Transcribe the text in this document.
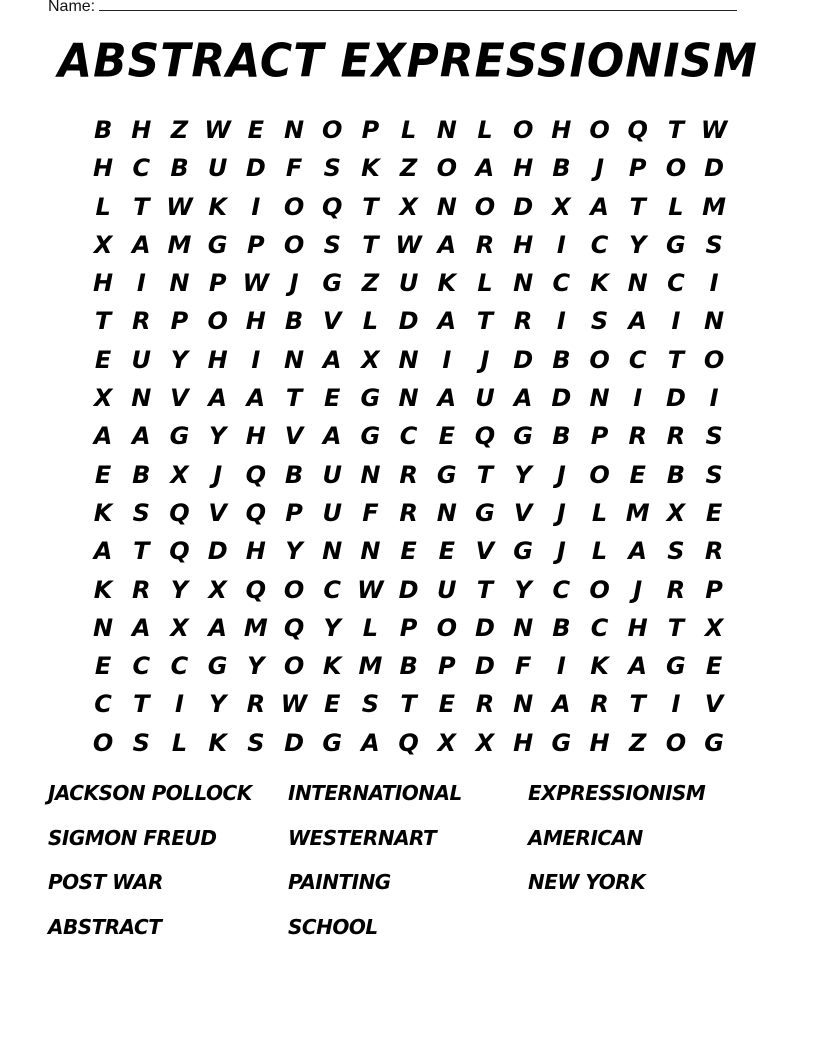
Name:
ABSTRACT EXPRESSIONISM
B H Z W E N O P L N L O H O Q T W
H C B U D F S K Z O A H B	J	P O D
L T W K	I O Q T X N O D X A T L M
X A M G P O S T W A R H I	C Y G S
H I N P W J G Z U K L N C K N C	I
T R P O H B V L D A T R	I	S A	I N
E U Y H I N A X N I	J D B O C T O
X N V A A T E G N A U A D N I D I
A A G Y H V A G C E Q G B P R R S
E B X	J Q B U N R G T Y	J O E B S
K S Q V Q P U F R N G V	J	L M X E
A T Q D H Y N N E E V G J	L A S R
K R Y X Q O C W D U T Y C O J	R P
N A X A M Q Y L P O D N B C H T X
E C C G Y O K M B P D F	I	K A G E
C T	I	Y R W E S T E R N A R T	I	V
O S L K S D G A Q X X H G H Z O G
JACKSON POLLOCK	INTERNATIONAL	EXPRESSIONISM
SIGMON FREUD	WESTERNART	AMERICAN
POST WAR	PAINTING	NEW YORK
ABSTRACT	SCHOOL
